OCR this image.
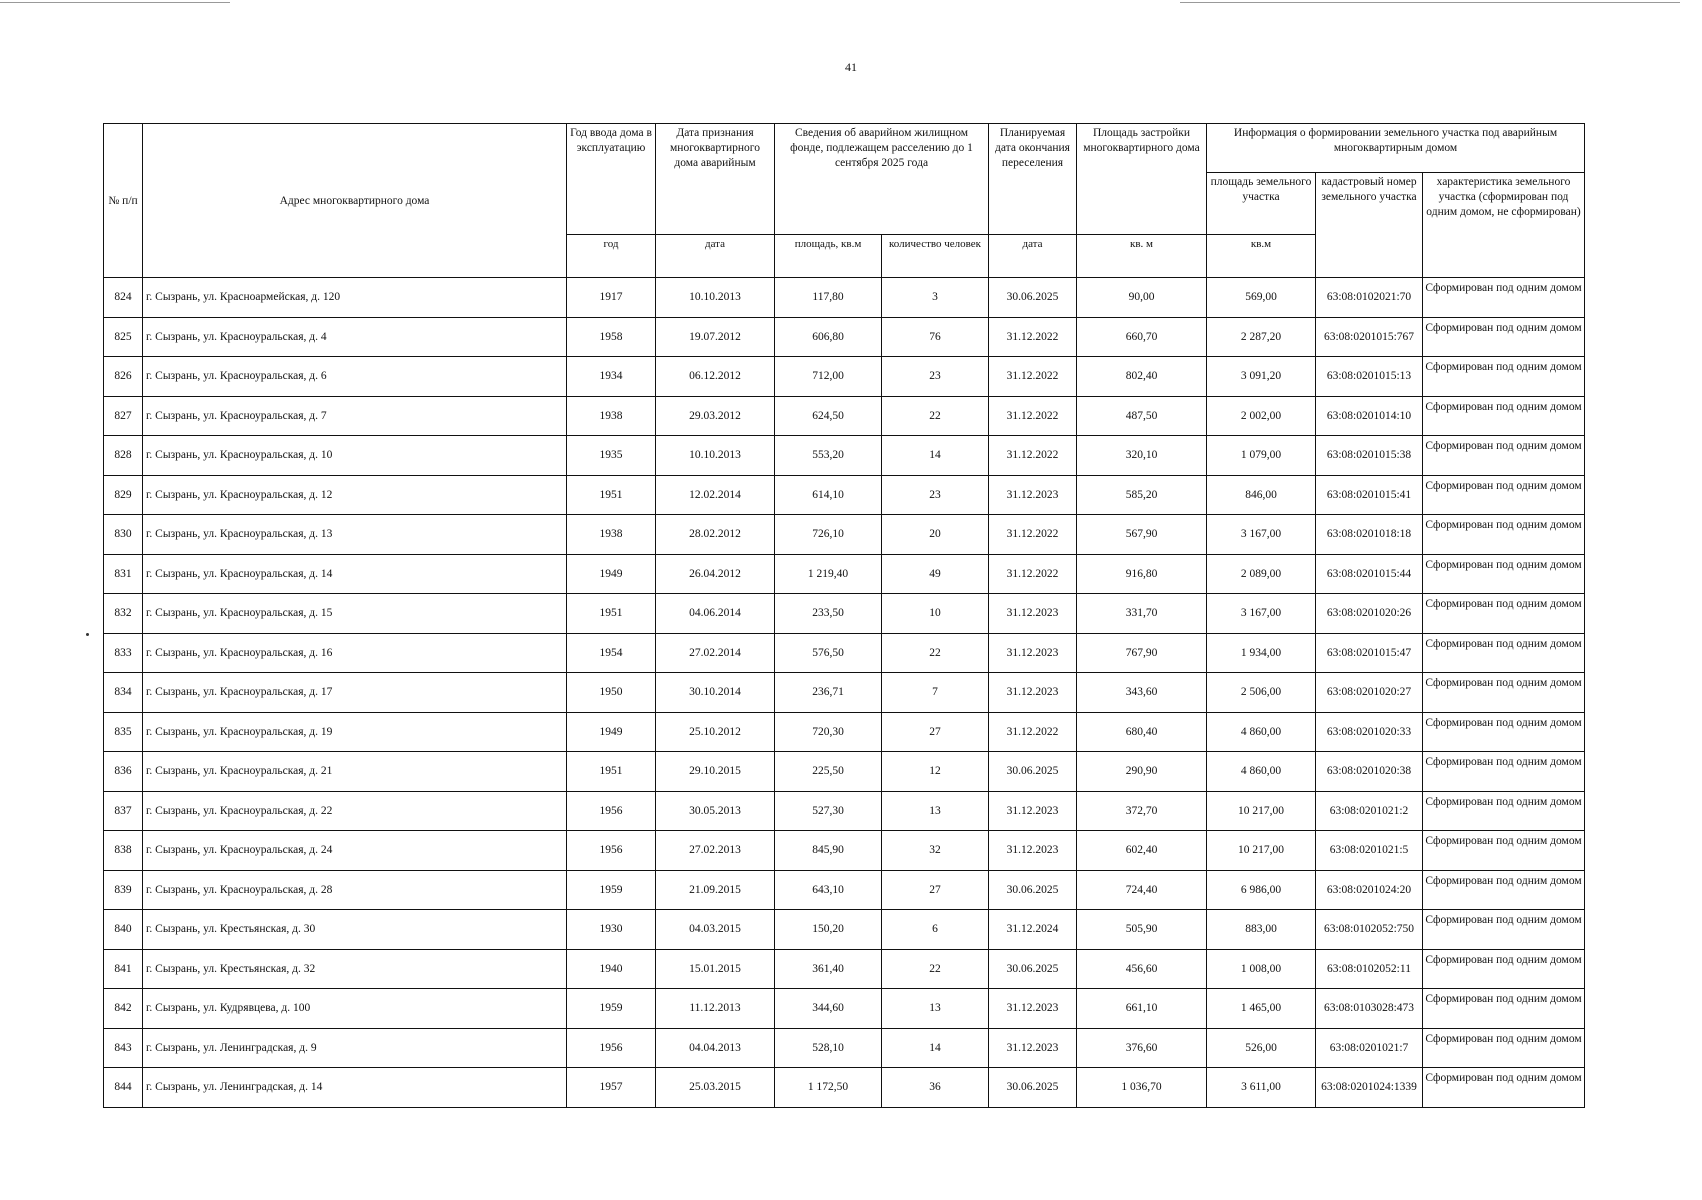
41
№ п/п	Адрес многоквартирного дома	Год ввода дома в эксплуатацию	Дата признания многоквартирного дома аварийным	Сведения об аварийном жилищном фонде, подлежащем расселению до 1 сентября 2025 года		Планируемая дата окончания переселения	Площадь застройки многоквартирного дома	Информация о формировании земельного участка под аварийным многоквартирным домом		
								площадь земельного участка	кадастровый номер земельного участка	характеристика земельного участка (сформирован под одним домом, не сформирован)
		год	дата	площадь, кв.м	количество человек	дата	кв. м	кв.м		
824	г. Сызрань, ул. Красноармейская, д. 120	1917	10.10.2013	117,80	3	30.06.2025	90,00	569,00	63:08:0102021:70	Сформирован под одним домом
825	г. Сызрань, ул. Красноуральская, д. 4	1958	19.07.2012	606,80	76	31.12.2022	660,70	2 287,20	63:08:0201015:767	Сформирован под одним домом
826	г. Сызрань, ул. Красноуральская, д. 6	1934	06.12.2012	712,00	23	31.12.2022	802,40	3 091,20	63:08:0201015:13	Сформирован под одним домом
827	г. Сызрань, ул. Красноуральская, д. 7	1938	29.03.2012	624,50	22	31.12.2022	487,50	2 002,00	63:08:0201014:10	Сформирован под одним домом
828	г. Сызрань, ул. Красноуральская, д. 10	1935	10.10.2013	553,20	14	31.12.2022	320,10	1 079,00	63:08:0201015:38	Сформирован под одним домом
829	г. Сызрань, ул. Красноуральская, д. 12	1951	12.02.2014	614,10	23	31.12.2023	585,20	846,00	63:08:0201015:41	Сформирован под одним домом
830	г. Сызрань, ул. Красноуральская, д. 13	1938	28.02.2012	726,10	20	31.12.2022	567,90	3 167,00	63:08:0201018:18	Сформирован под одним домом
831	г. Сызрань, ул. Красноуральская, д. 14	1949	26.04.2012	1 219,40	49	31.12.2022	916,80	2 089,00	63:08:0201015:44	Сформирован под одним домом
832	г. Сызрань, ул. Красноуральская, д. 15	1951	04.06.2014	233,50	10	31.12.2023	331,70	3 167,00	63:08:0201020:26	Сформирован под одним домом
833	г. Сызрань, ул. Красноуральская, д. 16	1954	27.02.2014	576,50	22	31.12.2023	767,90	1 934,00	63:08:0201015:47	Сформирован под одним домом
834	г. Сызрань, ул. Красноуральская, д. 17	1950	30.10.2014	236,71	7	31.12.2023	343,60	2 506,00	63:08:0201020:27	Сформирован под одним домом
835	г. Сызрань, ул. Красноуральская, д. 19	1949	25.10.2012	720,30	27	31.12.2022	680,40	4 860,00	63:08:0201020:33	Сформирован под одним домом
836	г. Сызрань, ул. Красноуральская, д. 21	1951	29.10.2015	225,50	12	30.06.2025	290,90	4 860,00	63:08:0201020:38	Сформирован под одним домом
837	г. Сызрань, ул. Красноуральская, д. 22	1956	30.05.2013	527,30	13	31.12.2023	372,70	10 217,00	63:08:0201021:2	Сформирован под одним домом
838	г. Сызрань, ул. Красноуральская, д. 24	1956	27.02.2013	845,90	32	31.12.2023	602,40	10 217,00	63:08:0201021:5	Сформирован под одним домом
839	г. Сызрань, ул. Красноуральская, д. 28	1959	21.09.2015	643,10	27	30.06.2025	724,40	6 986,00	63:08:0201024:20	Сформирован под одним домом
840	г. Сызрань, ул. Крестьянская, д. 30	1930	04.03.2015	150,20	6	31.12.2024	505,90	883,00	63:08:0102052:750	Сформирован под одним домом
841	г. Сызрань, ул. Крестьянская, д. 32	1940	15.01.2015	361,40	22	30.06.2025	456,60	1 008,00	63:08:0102052:11	Сформирован под одним домом
842	г. Сызрань, ул. Кудрявцева, д. 100	1959	11.12.2013	344,60	13	31.12.2023	661,10	1 465,00	63:08:0103028:473	Сформирован под одним домом
843	г. Сызрань, ул. Ленинградская, д. 9	1956	04.04.2013	528,10	14	31.12.2023	376,60	526,00	63:08:0201021:7	Сформирован под одним домом
844	г. Сызрань, ул. Ленинградская, д. 14	1957	25.03.2015	1 172,50	36	30.06.2025	1 036,70	3 611,00	63:08:0201024:1339	Сформирован под одним домом
